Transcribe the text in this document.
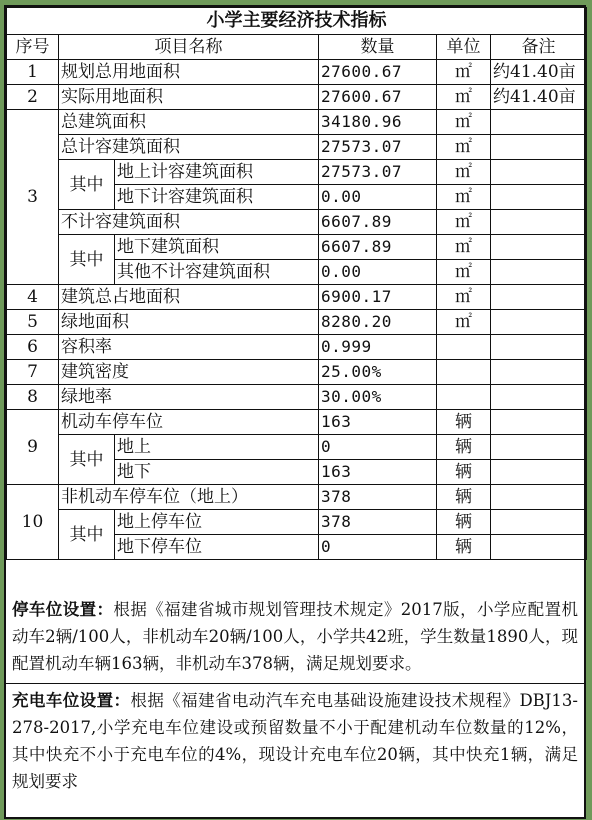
小学主要经济技术指标					
序号	项目名称		数量	单位	备注
1	规划总用地面积		27600.67	㎡	约41.40亩
2	实际用地面积		27600.67	㎡	约41.40亩
3	总建筑面积		34180.96	㎡	
	总计容建筑面积		27573.07	㎡	
	其中	地上计容建筑面积	27573.07	㎡	
		地下计容建筑面积	0.00	㎡	
	不计容建筑面积		6607.89	㎡	
	其中	地下建筑面积	6607.89	㎡	
		其他不计容建筑面积	0.00	㎡	
4	建筑总占地面积		6900.17	㎡	
5	绿地面积		8280.20	㎡	
6	容积率		0.999		
7	建筑密度		25.00%		
8	绿地率		30.00%		
9	机动车停车位		163	辆	
	其中	地上	0	辆	
		地下	163	辆	
10	非机动车停车位（地上）		378	辆	
	其中	地上停车位	378	辆	
		地下停车位	0	辆	
停车位设置：根据《福建省城市规划管理技术规定》2017版，小学应配置机动车2辆/100人，非机动车20辆/100人，小学共42班，学生数量1890人，现配置机动车辆163辆，非机动车378辆，满足规划要求。
充电车位设置：根据《福建省电动汽车充电基础设施建设技术规程》DBJ13-278-2017,小学充电车位建设或预留数量不小于配建机动车位数量的12%，其中快充不小于充电车位的4%，现设计充电车位20辆，其中快充1辆，满足规划要求
